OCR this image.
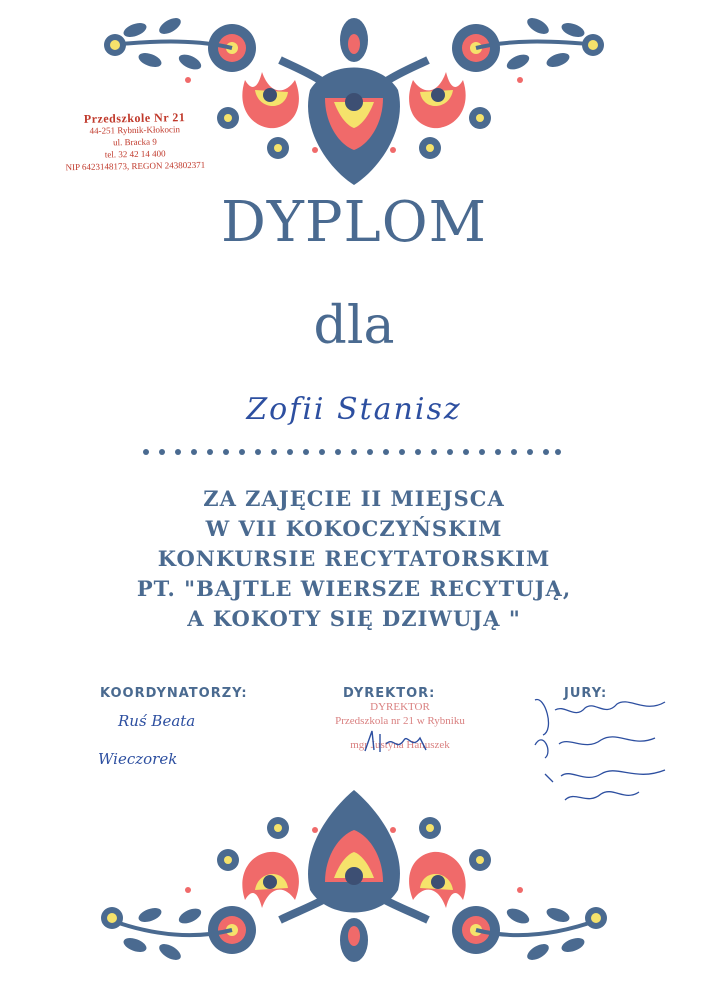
Przedszkole Nr 21
44-251 Rybnik-Kłokocin
ul. Bracka 9
tel. 32 42 14 400
NIP 6423148173, REGON 243802371
DYPLOM
dla
Zofii Stanisz
ZA ZAJĘCIE II MIEJSCA
W VII KOKOCZYŃSKIM
KONKURSIE RECYTATORSKIM
PT. "BAJTLE WIERSZE RECYTUJĄ,
A KOKOTY SIĘ DZIWUJĄ "
KOORDYNATORZY:	DYREKTOR:	JURY:
Ruś Beata
Wieczorek
DYREKTOR
Przedszkola nr 21 w Rybniku
mgr Justyna Hanuszek
